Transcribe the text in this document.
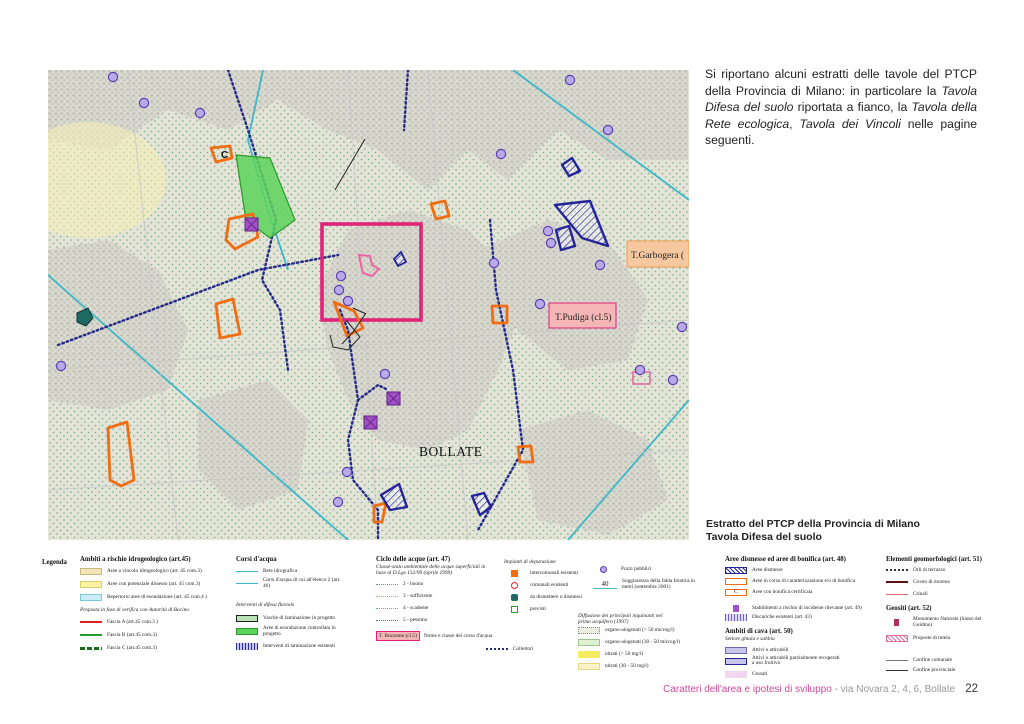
C
T.Garbogera (
T.Pudiga (cl.5)
BOLLATE

Si riportano alcuni estratti delle tavole del PTCP della Provincia di Milano: in particolare la Tavola Difesa del suolo riportata a fianco, la Tavola della Rete ecologica, Tavola dei Vincoli nelle pagine seguenti.

Estratto del PTCP della Provincia di Milano
Tavola Difesa del suolo
Legenda Ambiti a rischio idrogeologico (art.45)
Aree a vincolo idrogeologico (art. 45 com.3)
Aree con potenziale dissesto (art. 45 com.3)
Repertorio aree di esondazione (art. 45 com.4 )
Proposta in fase di verifica con Autorità di Bacino
Fascia A (art.45 com.3 )
Fascia B (art.45 com.3)
Fascia C (art.45 com.3)
Corsi d'acqua
Rete idrografica
Corsi d'acqua di cui all'elenco 2 (art. 46)
Interventi di difesa fluviale
Vasche di laminazione in progetto
Aree di esondazione controllata in progetto
Interventi di laminazione esistenti
Ciclo delle acque (art. 47)
Classe-stato ambientale delle acque superficiali in base al D.Lgs 152/99 (aprile 1999)
2 - buono
3 - sufficiente
4 - scadente
5 - pessimo
T. Bozzente (cl.5)	Nome e classe del corso d'acqua
Collettori
Impianti di depurazione
intercomunali esistenti
comunali esistenti
da dismettere o dismessi
previsti
Diffusione dei principali inquinanti nel primo acquifero (1997)
organo-alogenati (> 50 microg/l)
organo-alogenati (30 - 50 microg/l)
nitrati (> 50 mg/l)
nitrati (30 - 50 mg/l)
Pozzi pubblici
40	Soggiacenza della falda freatica in metri (settembre 2001)
Aree dismesse ed aree di bonifica (art. 48)
Aree dismesse
Aree in corso di caratterizzazione e/o di bonifica
C	Aree con bonifica certificata
Stabilimenti a rischio di incidente rilevante (art. 49)
Discariche esistenti (art. 43)
Ambiti di cava (art. 50)
Settore ghiaia e sabbia
Attivi o attivabili
Attivi o attivabili parzialmente recuperati a uso fruitivo
Cessati
Elementi geomorfologici (art. 51)
Orli di terrazzo
Crosto di morena
Crinali
Geositi (art. 52)
Monumento Naturale (Sasso del Guidino)
Proposte di tutela
Confine comunale
Confine provinciale
Caratteri dell'area e ipotesi di sviluppo - via Novara 2, 4, 6, Bollate 22
